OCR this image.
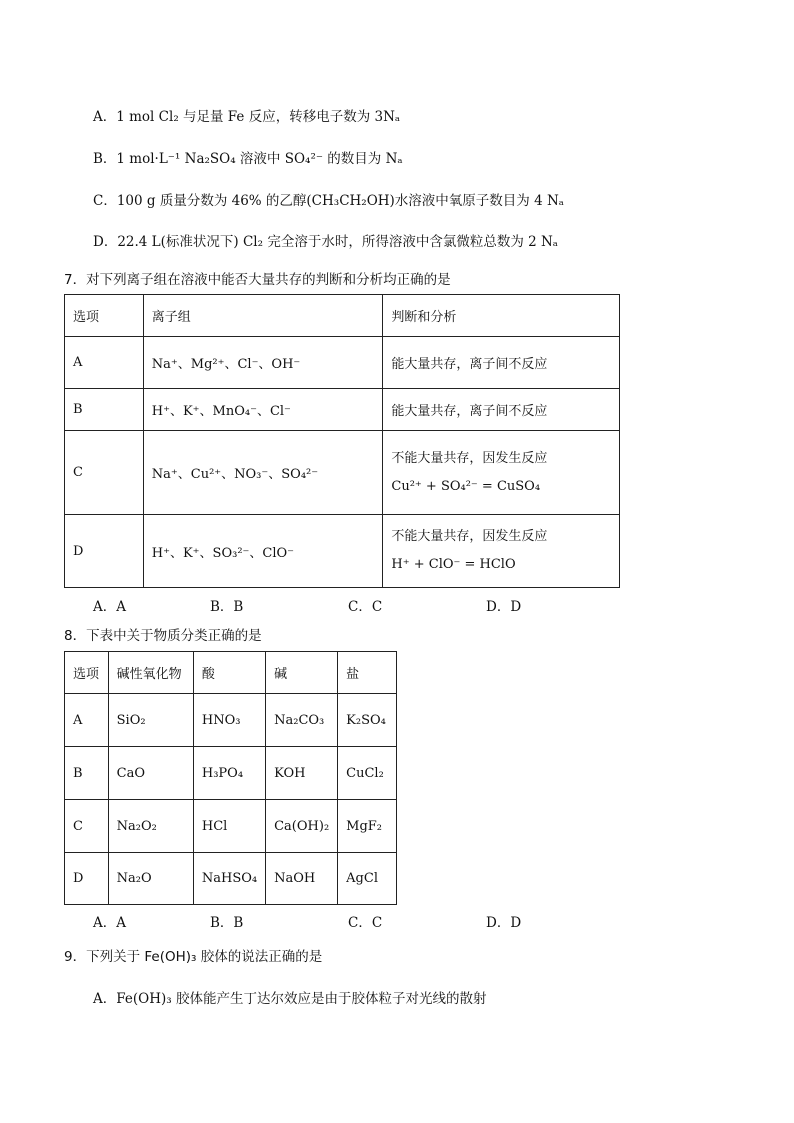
A．1 mol Cl₂ 与足量 Fe 反应，转移电子数为 3Nₐ
B．1 mol·L⁻¹ Na₂SO₄ 溶液中 SO₄²⁻ 的数目为 Nₐ
C．100 g 质量分数为 46% 的乙醇(CH₃CH₂OH)水溶液中氧原子数目为 4 Nₐ
D．22.4 L(标准状况下) Cl₂ 完全溶于水时，所得溶液中含氯微粒总数为 2 Nₐ
7．对下列离子组在溶液中能否大量共存的判断和分析均正确的是
选项	离子组	判断和分析
A	Na⁺、Mg²⁺、Cl⁻、OH⁻	能大量共存，离子间不反应
B	H⁺、K⁺、MnO₄⁻、Cl⁻	能大量共存，离子间不反应
C	Na⁺、Cu²⁺、NO₃⁻、SO₄²⁻	不能大量共存，因发生反应
Cu²⁺ + SO₄²⁻ = CuSO₄

D	H⁺、K⁺、SO₃²⁻、ClO⁻	不能大量共存，因发生反应
H⁺ + ClO⁻ = HClO
A．A	B．B	C．C	D．D
8．下表中关于物质分类正确的是
选项	碱性氧化物	酸	碱	盐
A	SiO₂	HNO₃	Na₂CO₃	K₂SO₄
B	CaO	H₃PO₄	KOH	CuCl₂
C	Na₂O₂	HCl	Ca(OH)₂	MgF₂
D	Na₂O	NaHSO₄	NaOH	AgCl
A．A	B．B	C．C	D．D
9．下列关于 Fe(OH)₃ 胶体的说法正确的是
A．Fe(OH)₃ 胶体能产生丁达尔效应是由于胶体粒子对光线的散射
